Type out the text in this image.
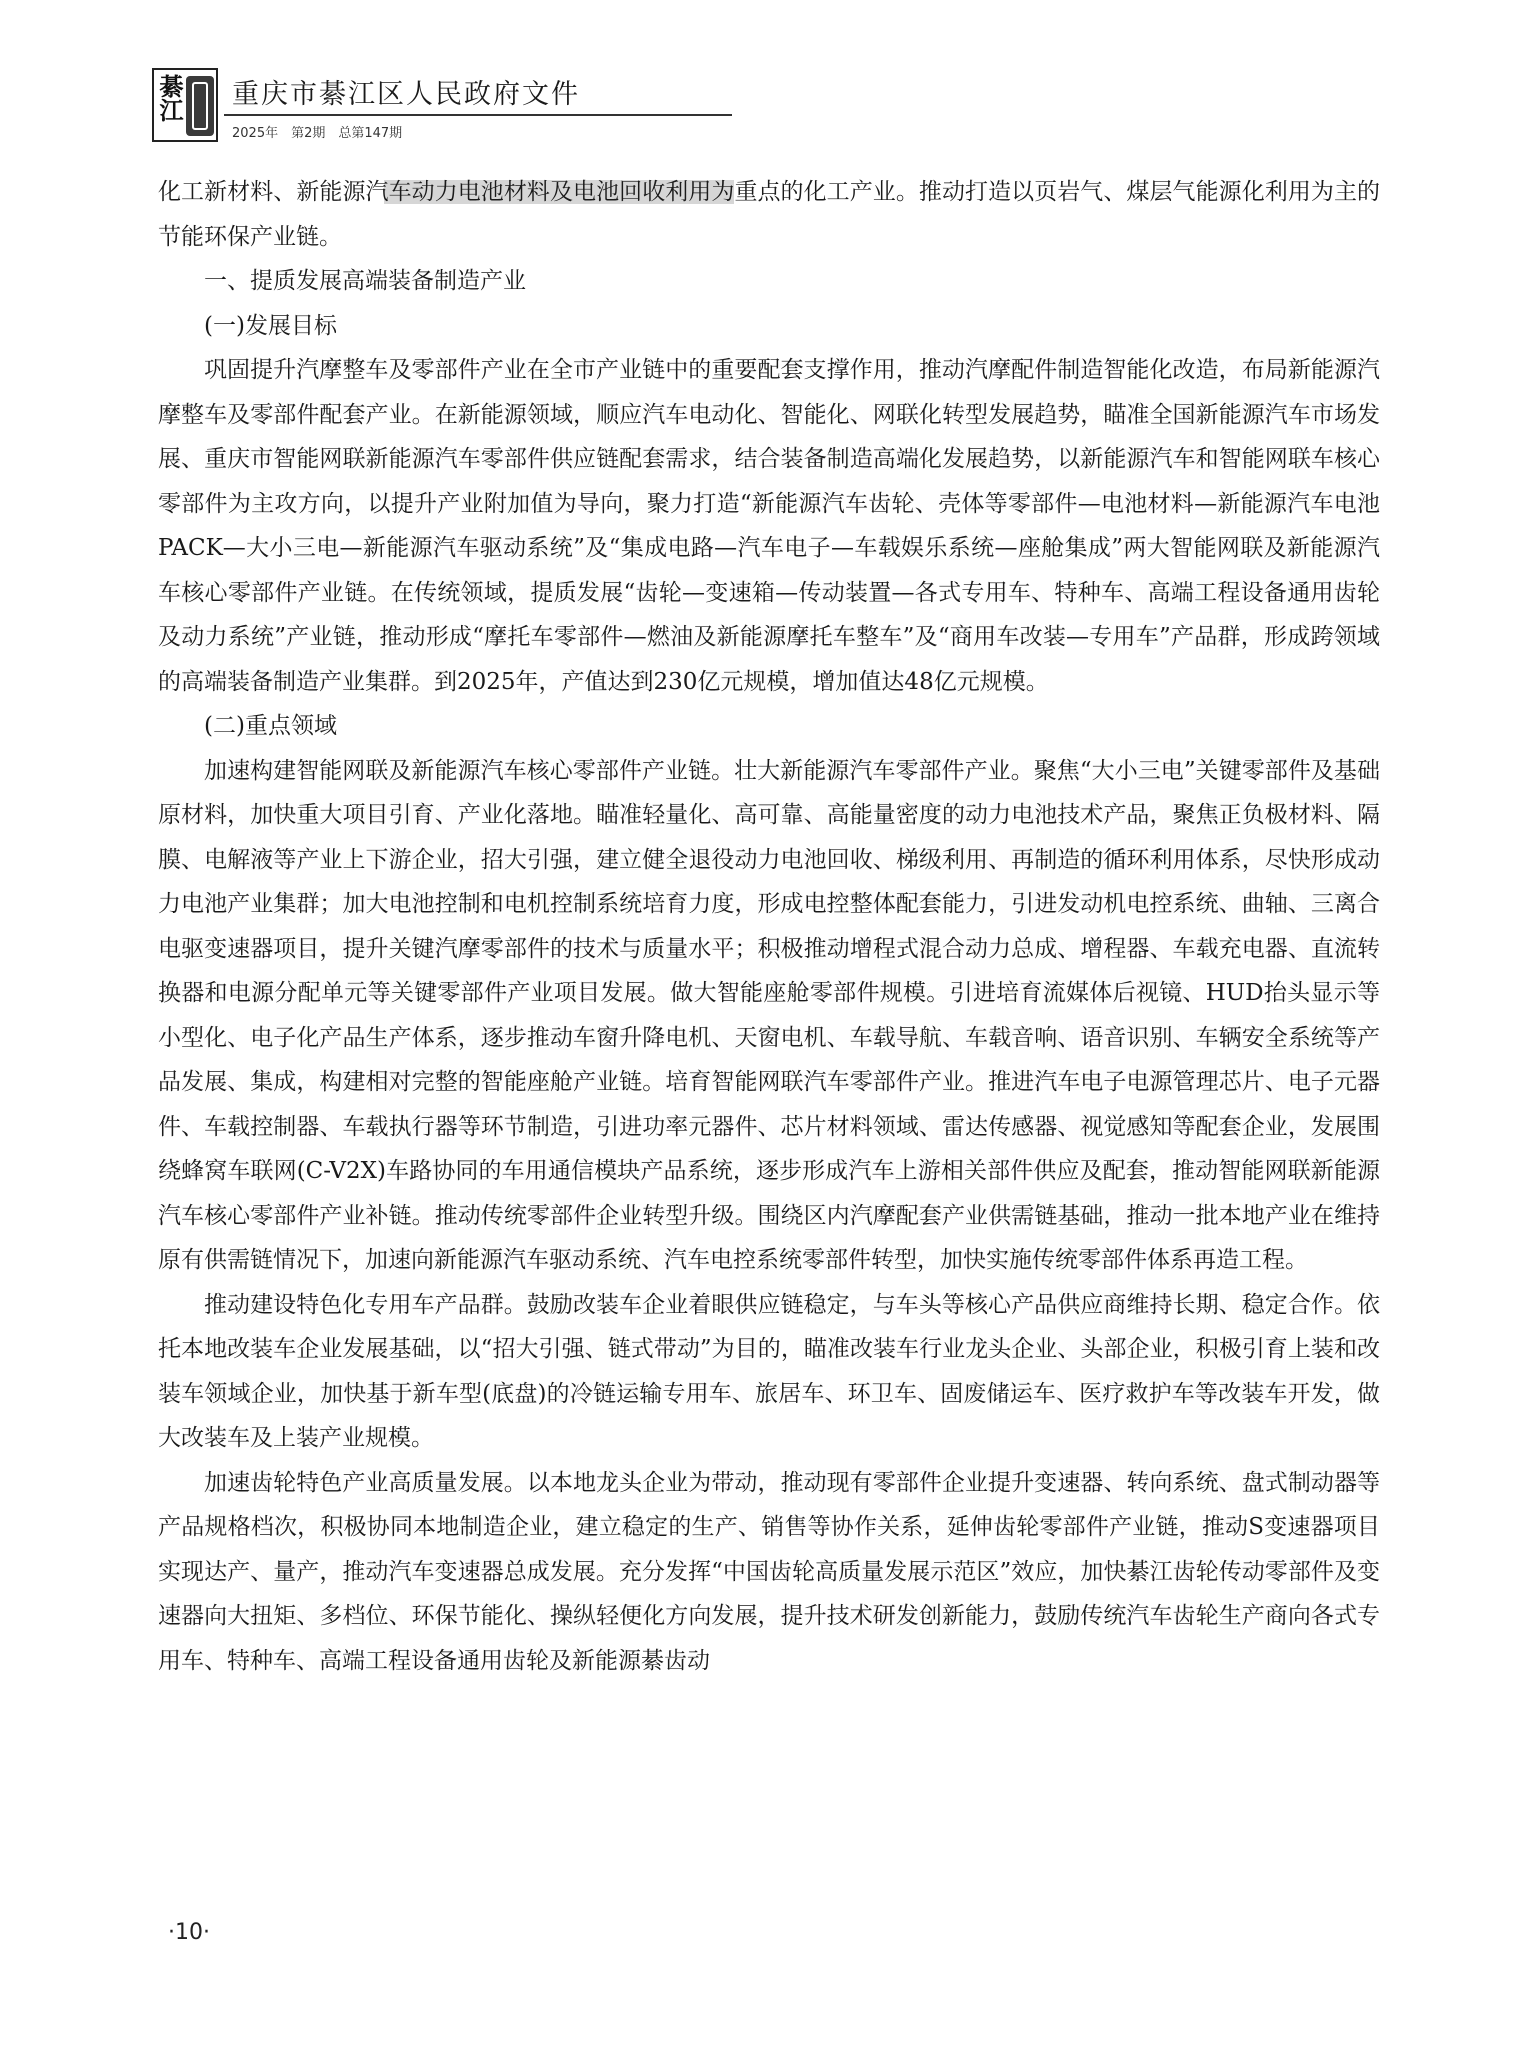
綦江 重庆市綦江区人民政府文件
2025年　第2期　总第147期

化工新材料、新能源汽车动力电池材料及电池回收利用为重点的化工产业。推动打造以页岩气、煤层气能源化利用为主的节能环保产业链。

一、提质发展高端装备制造产业

(一)发展目标

巩固提升汽摩整车及零部件产业在全市产业链中的重要配套支撑作用，推动汽摩配件制造智能化改造，布局新能源汽摩整车及零部件配套产业。在新能源领域，顺应汽车电动化、智能化、网联化转型发展趋势，瞄准全国新能源汽车市场发展、重庆市智能网联新能源汽车零部件供应链配套需求，结合装备制造高端化发展趋势，以新能源汽车和智能网联车核心零部件为主攻方向，以提升产业附加值为导向，聚力打造“新能源汽车齿轮、壳体等零部件—电池材料—新能源汽车电池PACK—大小三电—新能源汽车驱动系统”及“集成电路—汽车电子—车载娱乐系统—座舱集成”两大智能网联及新能源汽车核心零部件产业链。在传统领域，提质发展“齿轮—变速箱—传动装置—各式专用车、特种车、高端工程设备通用齿轮及动力系统”产业链，推动形成“摩托车零部件—燃油及新能源摩托车整车”及“商用车改装—专用车”产品群，形成跨领域的高端装备制造产业集群。到2025年，产值达到230亿元规模，增加值达48亿元规模。

(二)重点领域

加速构建智能网联及新能源汽车核心零部件产业链。壮大新能源汽车零部件产业。聚焦“大小三电”关键零部件及基础原材料，加快重大项目引育、产业化落地。瞄准轻量化、高可靠、高能量密度的动力电池技术产品，聚焦正负极材料、隔膜、电解液等产业上下游企业，招大引强，建立健全退役动力电池回收、梯级利用、再制造的循环利用体系，尽快形成动力电池产业集群；加大电池控制和电机控制系统培育力度，形成电控整体配套能力，引进发动机电控系统、曲轴、三离合电驱变速器项目，提升关键汽摩零部件的技术与质量水平；积极推动增程式混合动力总成、增程器、车载充电器、直流转换器和电源分配单元等关键零部件产业项目发展。做大智能座舱零部件规模。引进培育流媒体后视镜、HUD抬头显示等小型化、电子化产品生产体系，逐步推动车窗升降电机、天窗电机、车载导航、车载音响、语音识别、车辆安全系统等产品发展、集成，构建相对完整的智能座舱产业链。培育智能网联汽车零部件产业。推进汽车电子电源管理芯片、电子元器件、车载控制器、车载执行器等环节制造，引进功率元器件、芯片材料领域、雷达传感器、视觉感知等配套企业，发展围绕蜂窝车联网(C-V2X)车路协同的车用通信模块产品系统，逐步形成汽车上游相关部件供应及配套，推动智能网联新能源汽车核心零部件产业补链。推动传统零部件企业转型升级。围绕区内汽摩配套产业供需链基础，推动一批本地产业在维持原有供需链情况下，加速向新能源汽车驱动系统、汽车电控系统零部件转型，加快实施传统零部件体系再造工程。

推动建设特色化专用车产品群。鼓励改装车企业着眼供应链稳定，与车头等核心产品供应商维持长期、稳定合作。依托本地改装车企业发展基础，以“招大引强、链式带动”为目的，瞄准改装车行业龙头企业、头部企业，积极引育上装和改装车领域企业，加快基于新车型(底盘)的冷链运输专用车、旅居车、环卫车、固废储运车、医疗救护车等改装车开发，做大改装车及上装产业规模。

加速齿轮特色产业高质量发展。以本地龙头企业为带动，推动现有零部件企业提升变速器、转向系统、盘式制动器等产品规格档次，积极协同本地制造企业，建立稳定的生产、销售等协作关系，延伸齿轮零部件产业链，推动S变速器项目实现达产、量产，推动汽车变速器总成发展。充分发挥“中国齿轮高质量发展示范区”效应，加快綦江齿轮传动零部件及变速器向大扭矩、多档位、环保节能化、操纵轻便化方向发展，提升技术研发创新能力，鼓励传统汽车齿轮生产商向各式专用车、特种车、高端工程设备通用齿轮及新能源綦齿动

·10·
